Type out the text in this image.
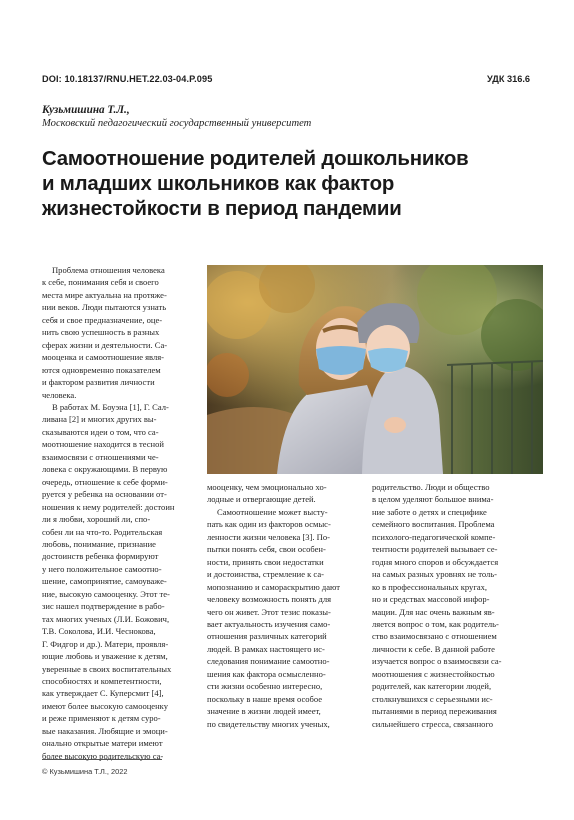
DOI: 10.18137/RNU.HET.22.03-04.P.095	УДК 316.6
Кузьмишина Т.Л.,
Московский педагогический государственный университет
Самоотношение родителей дошкольников
и младших школьников как фактор
жизнестойкости в период пандемии

Проблема отношения человека
к себе, понимания себя и своего
места мире актуальна на протяже-
нии веков. Люди пытаются узнать
себя и свое предназначение, оце-
нить свою успешность в разных
сферах жизни и деятельности. Са-
мооценка и самоотношение явля-
ются одновременно показателем
и фактором развития личности
человека.

В работах М. Боуэна [1], Г. Сал-
ливана [2] и многих других вы-
сказываются идеи о том, что са-
моотношение находится в тесной
взаимосвязи с отношениями че-
ловека с окружающими. В первую
очередь, отношение к себе форми-
руется у ребенка на основании от-
ношения к нему родителей: достоин
ли я любви, хороший ли, спо-
собен ли на что-то. Родительская
любовь, понимание, признание
достоинств ребенка формируют
у него положительное самоотно-
шение, самопринятие, самоуваже-
ние, высокую самооценку. Этот те-
зис нашел подтверждение в рабо-
тах многих ученых (Л.И. Божович,
Т.В. Соколова, И.И. Чеснокова,
Г. Фидгор и др.). Матери, проявля-
ющие любовь и уважение к детям,
уверенные в своих воспитательных
способностях и компетентности,
как утверждает С. Куперсмит [4],
имеют более высокую самооценку
и реже применяют к детям суро-
вые наказания. Любящие и эмоци-
онально открытые матери имеют
более высокую родительскую са-

мооценку, чем эмоционально хо-
лодные и отвергающие детей.

Самоотношение может высту-
пать как один из факторов осмыс-
ленности жизни человека [3]. По-
пытки понять себя, свои особен-
ности, принять свои недостатки
и достоинства, стремление к са-
мопознанию и самораскрытию дают
человеку возможность понять для
чего он живет. Этот тезис показы-
вает актуальность изучения само-
отношения различных категорий
людей. В рамках настоящего ис-
следования понимание самоотно-
шения как фактора осмысленно-
сти жизни особенно интересно,
поскольку в наше время особое
значение в жизни людей имеет,
по свидетельству многих ученых,

родительство. Люди и общество
в целом уделяют большое внима-
ние заботе о детях и специфике
семейного воспитания. Проблема
психолого-педагогической компе-
тентности родителей вызывает се-
годня много споров и обсуждается
на самых разных уровнях не толь-
ко в профессиональных кругах,
но и средствах массовой инфор-
мации. Для нас очень важным яв-
ляется вопрос о том, как родитель-
ство взаимосвязано с отношением
личности к себе. В данной работе
изучается вопрос о взаимосвязи са-
моотношения с жизнестойкостью
родителей, как категории людей,
столкнувшихся с серьезными ис-
пытаниями в период переживания
сильнейшего стресса, связанного

© Кузьмишина Т.Л., 2022
